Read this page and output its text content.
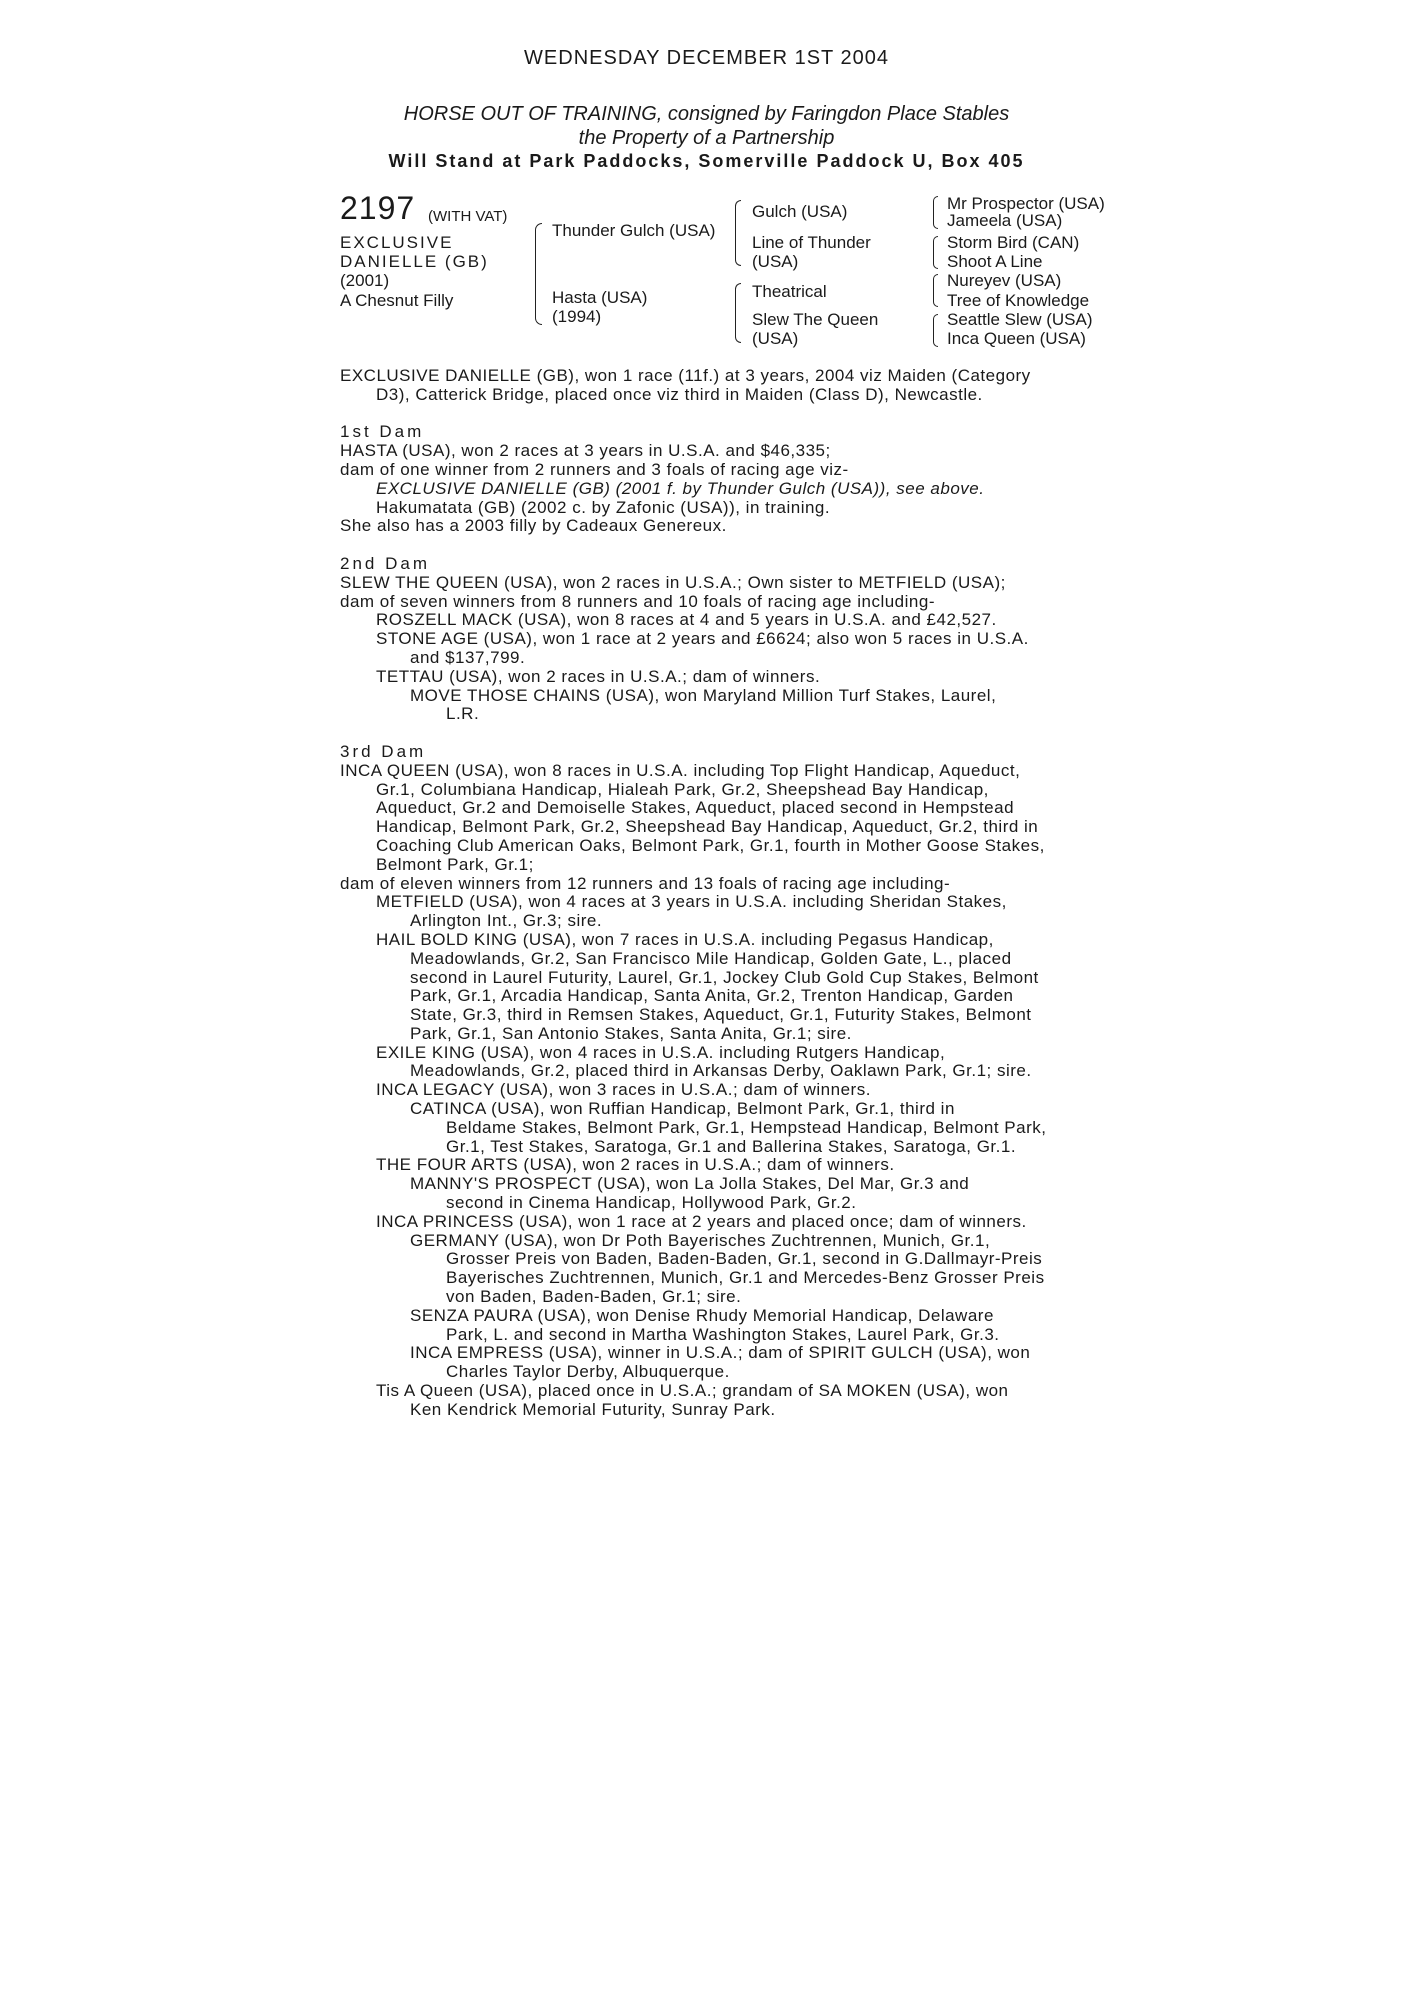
WEDNESDAY DECEMBER 1ST 2004
HORSE OUT OF TRAINING, consigned by Faringdon Place Stables
the Property of a Partnership
Will Stand at Park Paddocks, Somerville Paddock U, Box 405
2197 (WITH VAT)
EXCLUSIVE
DANIELLE (GB)
(2001)
A Chesnut Filly
Thunder Gulch (USA)
Hasta (USA)
(1994)
Gulch (USA)
Line of Thunder
(USA)
Theatrical
Slew The Queen
(USA)
Mr Prospector (USA)
Jameela (USA)
Storm Bird (CAN)
Shoot A Line
Nureyev (USA)
Tree of Knowledge
Seattle Slew (USA)
Inca Queen (USA)
EXCLUSIVE DANIELLE (GB), won 1 race (11f.) at 3 years, 2004 viz Maiden (Category
D3), Catterick Bridge, placed once viz third in Maiden (Class D), Newcastle.
1st Dam
HASTA (USA), won 2 races at 3 years in U.S.A. and $46,335;
dam of one winner from 2 runners and 3 foals of racing age viz-
EXCLUSIVE DANIELLE (GB) (2001 f. by Thunder Gulch (USA)), see above.
Hakumatata (GB) (2002 c. by Zafonic (USA)), in training.
She also has a 2003 filly by Cadeaux Genereux.
2nd Dam
SLEW THE QUEEN (USA), won 2 races in U.S.A.; Own sister to METFIELD (USA);
dam of seven winners from 8 runners and 10 foals of racing age including-
ROSZELL MACK (USA), won 8 races at 4 and 5 years in U.S.A. and £42,527.
STONE AGE (USA), won 1 race at 2 years and £6624; also won 5 races in U.S.A.
and $137,799.
TETTAU (USA), won 2 races in U.S.A.; dam of winners.
MOVE THOSE CHAINS (USA), won Maryland Million Turf Stakes, Laurel,
L.R.
3rd Dam
INCA QUEEN (USA), won 8 races in U.S.A. including Top Flight Handicap, Aqueduct,
Gr.1, Columbiana Handicap, Hialeah Park, Gr.2, Sheepshead Bay Handicap,
Aqueduct, Gr.2 and Demoiselle Stakes, Aqueduct, placed second in Hempstead
Handicap, Belmont Park, Gr.2, Sheepshead Bay Handicap, Aqueduct, Gr.2, third in
Coaching Club American Oaks, Belmont Park, Gr.1, fourth in Mother Goose Stakes,
Belmont Park, Gr.1;
dam of eleven winners from 12 runners and 13 foals of racing age including-
METFIELD (USA), won 4 races at 3 years in U.S.A. including Sheridan Stakes,
Arlington Int., Gr.3; sire.
HAIL BOLD KING (USA), won 7 races in U.S.A. including Pegasus Handicap,
Meadowlands, Gr.2, San Francisco Mile Handicap, Golden Gate, L., placed
second in Laurel Futurity, Laurel, Gr.1, Jockey Club Gold Cup Stakes, Belmont
Park, Gr.1, Arcadia Handicap, Santa Anita, Gr.2, Trenton Handicap, Garden
State, Gr.3, third in Remsen Stakes, Aqueduct, Gr.1, Futurity Stakes, Belmont
Park, Gr.1, San Antonio Stakes, Santa Anita, Gr.1; sire.
EXILE KING (USA), won 4 races in U.S.A. including Rutgers Handicap,
Meadowlands, Gr.2, placed third in Arkansas Derby, Oaklawn Park, Gr.1; sire.
INCA LEGACY (USA), won 3 races in U.S.A.; dam of winners.
CATINCA (USA), won Ruffian Handicap, Belmont Park, Gr.1, third in
Beldame Stakes, Belmont Park, Gr.1, Hempstead Handicap, Belmont Park,
Gr.1, Test Stakes, Saratoga, Gr.1 and Ballerina Stakes, Saratoga, Gr.1.
THE FOUR ARTS (USA), won 2 races in U.S.A.; dam of winners.
MANNY'S PROSPECT (USA), won La Jolla Stakes, Del Mar, Gr.3 and
second in Cinema Handicap, Hollywood Park, Gr.2.
INCA PRINCESS (USA), won 1 race at 2 years and placed once; dam of winners.
GERMANY (USA), won Dr Poth Bayerisches Zuchtrennen, Munich, Gr.1,
Grosser Preis von Baden, Baden-Baden, Gr.1, second in G.Dallmayr-Preis
Bayerisches Zuchtrennen, Munich, Gr.1 and Mercedes-Benz Grosser Preis
von Baden, Baden-Baden, Gr.1; sire.
SENZA PAURA (USA), won Denise Rhudy Memorial Handicap, Delaware
Park, L. and second in Martha Washington Stakes, Laurel Park, Gr.3.
INCA EMPRESS (USA), winner in U.S.A.; dam of SPIRIT GULCH (USA), won
Charles Taylor Derby, Albuquerque.
Tis A Queen (USA), placed once in U.S.A.; grandam of SA MOKEN (USA), won
Ken Kendrick Memorial Futurity, Sunray Park.
